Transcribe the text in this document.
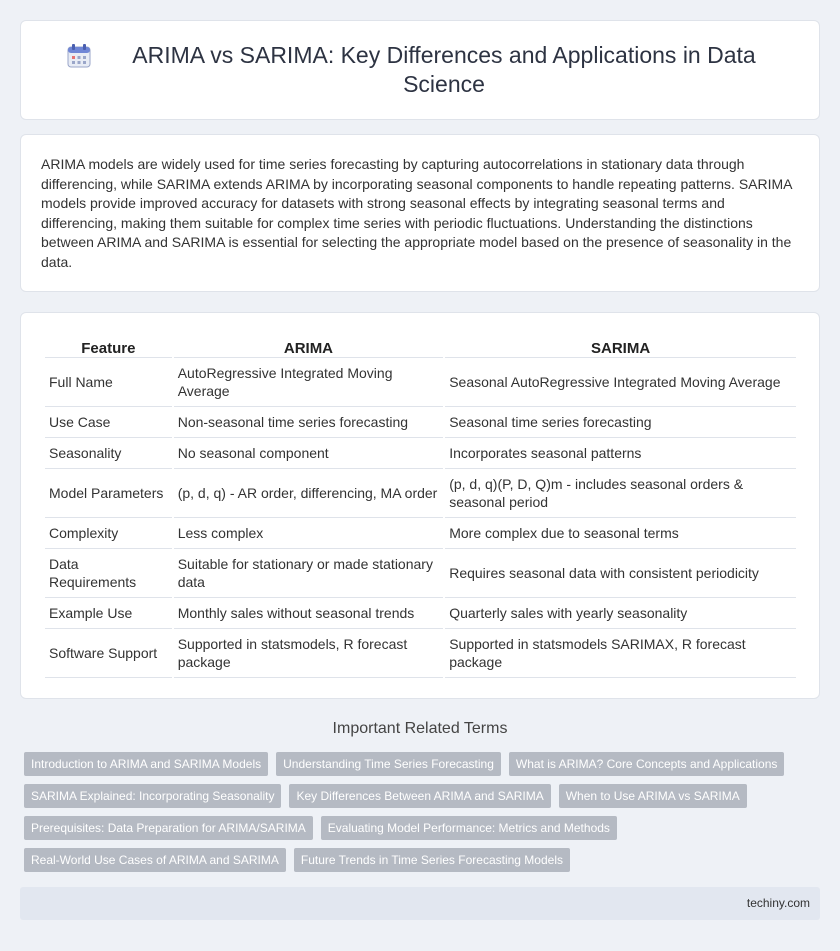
ARIMA vs SARIMA: Key Differences and Applications in Data Science

ARIMA models are widely used for time series forecasting by capturing autocorrelations in stationary data through differencing, while SARIMA extends ARIMA by incorporating seasonal components to handle repeating patterns. SARIMA models provide improved accuracy for datasets with strong seasonal effects by integrating seasonal terms and differencing, making them suitable for complex time series with periodic fluctuations. Understanding the distinctions between ARIMA and SARIMA is essential for selecting the appropriate model based on the presence of seasonality in the data.

Feature	ARIMA	SARIMA
Full Name	AutoRegressive Integrated Moving Average	Seasonal AutoRegressive Integrated Moving Average
Use Case	Non-seasonal time series forecasting	Seasonal time series forecasting
Seasonality	No seasonal component	Incorporates seasonal patterns
Model Parameters	(p, d, q) - AR order, differencing, MA order	(p, d, q)(P, D, Q)m - includes seasonal orders & seasonal period
Complexity	Less complex	More complex due to seasonal terms
Data Requirements	Suitable for stationary or made stationary data	Requires seasonal data with consistent periodicity
Example Use	Monthly sales without seasonal trends	Quarterly sales with yearly seasonality
Software Support	Supported in statsmodels, R forecast package	Supported in statsmodels SARIMAX, R forecast package
Important Related Terms
Introduction to ARIMA and SARIMA Models	Understanding Time Series Forecasting	What is ARIMA? Core Concepts and Applications
SARIMA Explained: Incorporating Seasonality	Key Differences Between ARIMA and SARIMA	When to Use ARIMA vs SARIMA
Prerequisites: Data Preparation for ARIMA/SARIMA	Evaluating Model Performance: Metrics and Methods
Real-World Use Cases of ARIMA and SARIMA	Future Trends in Time Series Forecasting Models
techiny.com
